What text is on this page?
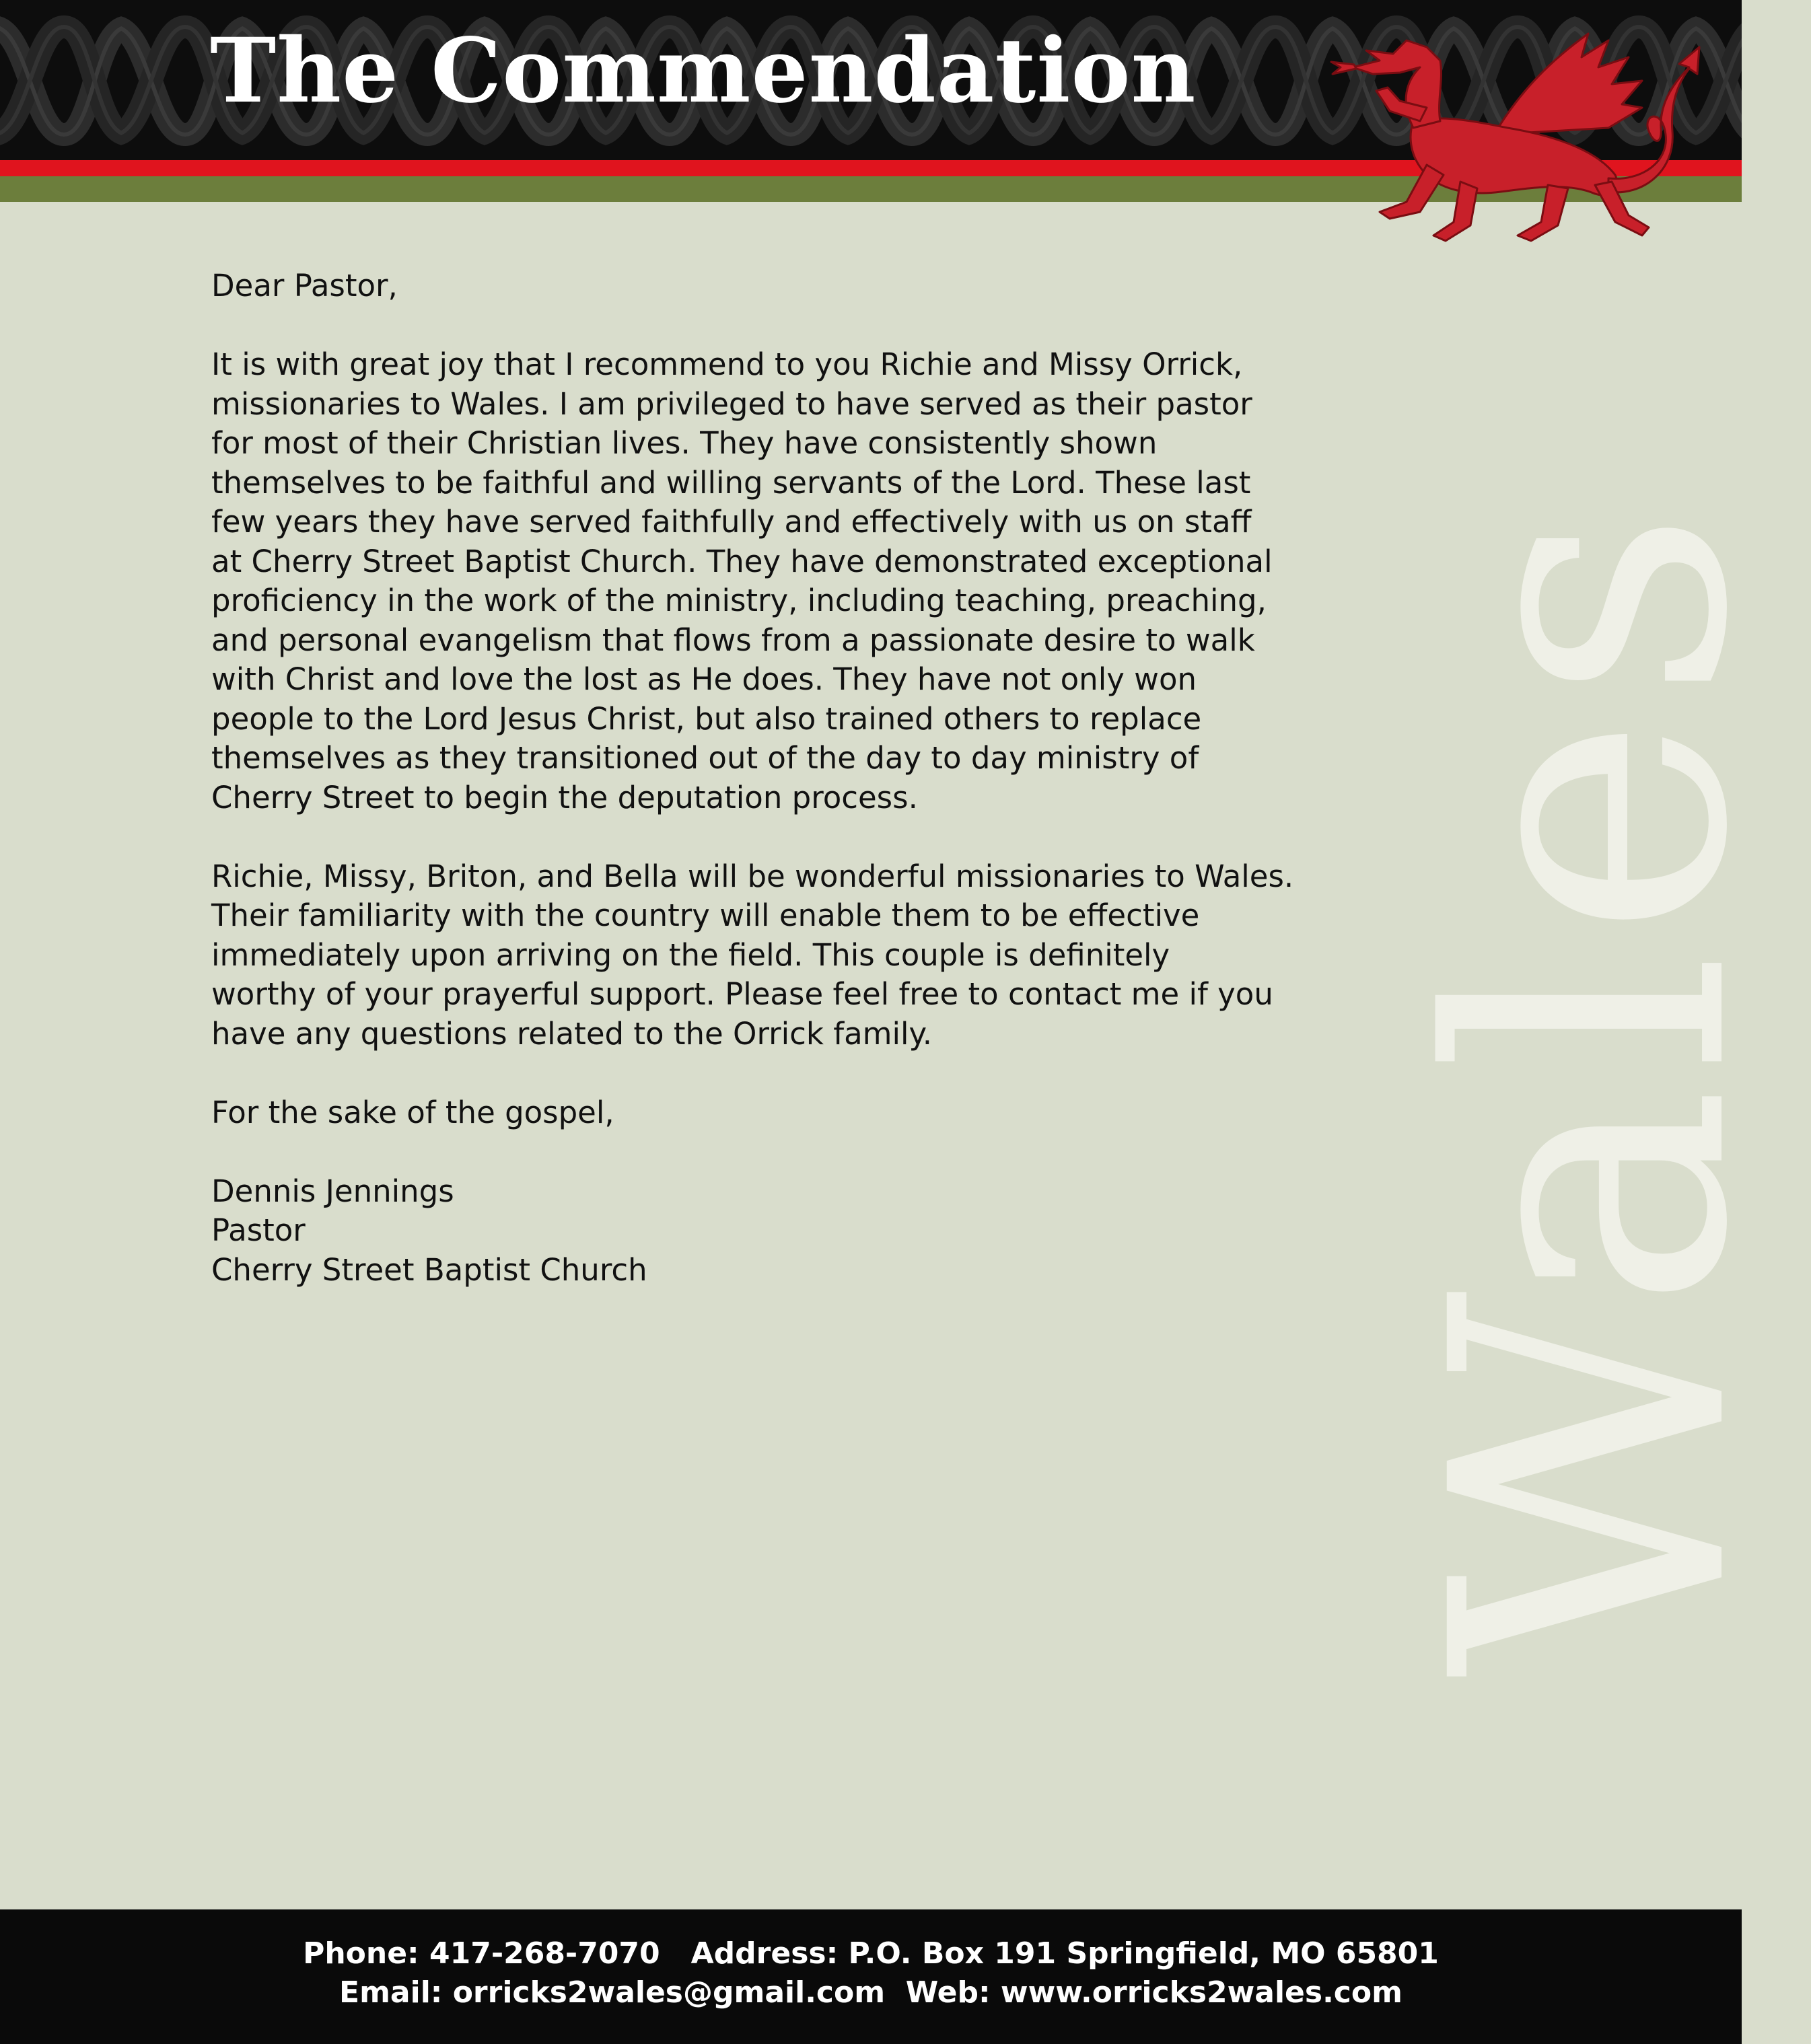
The Commendation
Wales

Dear Pastor,

It is with great joy that I recommend to you Richie and Missy Orrick,
missionaries to Wales. I am privileged to have served as their pastor
for most of their Christian lives. They have consistently shown
themselves to be faithful and willing servants of the Lord. These last
few years they have served faithfully and effectively with us on staff
at Cherry Street Baptist Church. They have demonstrated exceptional
proficiency in the work of the ministry, including teaching, preaching,
and personal evangelism that flows from a passionate desire to walk
with Christ and love the lost as He does. They have not only won
people to the Lord Jesus Christ, but also trained others to replace
themselves as they transitioned out of the day to day ministry of
Cherry Street to begin the deputation process.

Richie, Missy, Briton, and Bella will be wonderful missionaries to Wales.
Their familiarity with the country will enable them to be effective
immediately upon arriving on the field. This couple is definitely
worthy of your prayerful support. Please feel free to contact me if you
have any questions related to the Orrick family.

For the sake of the gospel,

Dennis Jennings
Pastor
Cherry Street Baptist Church
Phone: 417-268-7070   Address: P.O. Box 191 Springfield, MO 65801
Email: orricks2wales@gmail.com  Web: www.orricks2wales.com
